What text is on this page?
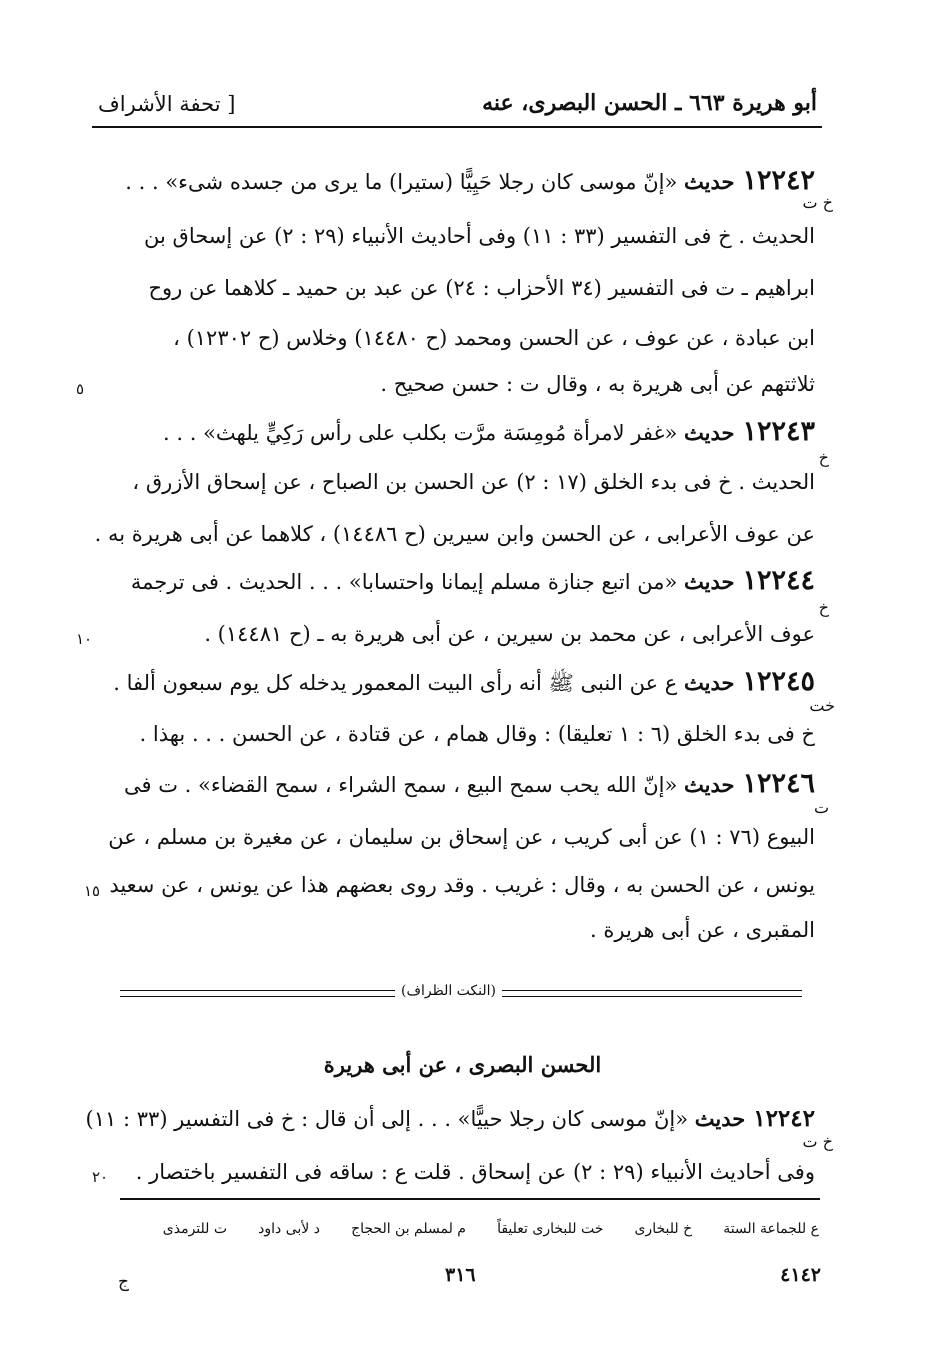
أبو هريرة ٦٦٣ ـ الحسن البصرى، عنه
[ تحفة الأشراف
١٢٢٤٢حديث «إنّ موسى كان رجلا حَيِيًّا (ستيرا) ما يرى من جسده شىء» . . .
خ ت
الحديث . خ فى التفسير (٣٣ : ١١) وفى أحاديث الأنبياء (٢٩ : ٢) عن إسحاق بن
ابراهيم ـ ت فى التفسير (٣٤ الأحزاب : ٢٤) عن عبد بن حميد ـ كلاهما عن روح
ابن عبادة ، عن عوف ، عن الحسن ومحمد (ح ١٤٤٨٠) وخلاس (ح ١٢٣٠٢) ،
ثلاثتهم عن أبى هريرة به ، وقال ت : حسن صحيح .
٥
١٢٢٤٣حديث «غفر لامرأة مُومِسَة مرَّت بكلب على رأس رَكِيٍّ يلهث» . . .
خ
الحديث . خ فى بدء الخلق (١٧ : ٢) عن الحسن بن الصباح ، عن إسحاق الأزرق ،
عن عوف الأعرابى ، عن الحسن وابن سيرين (ح ١٤٤٨٦) ، كلاهما عن أبى هريرة به .
١٢٢٤٤حديث «من اتبع جنازة مسلم إيمانا واحتسابا» . . . الحديث . فى ترجمة
خ
عوف الأعرابى ، عن محمد بن سيرين ، عن أبى هريرة به ـ (ح ١٤٤٨١) .
١٠
١٢٢٤٥حديث ع عن النبى ﷺ أنه رأى البيت المعمور يدخله كل يوم سبعون ألفا .
خت
خ فى بدء الخلق (٦ : ١ تعليقا) : وقال همام ، عن قتادة ، عن الحسن . . . بهذا .
١٢٢٤٦حديث «إنّ الله يحب سمح البيع ، سمح الشراء ، سمح القضاء» . ت فى
ت
البيوع (٧٦ : ١) عن أبى كريب ، عن إسحاق بن سليمان ، عن مغيرة بن مسلم ، عن
يونس ، عن الحسن به ، وقال : غريب . وقد روى بعضهم هذا عن يونس ، عن سعيد
١٥
المقبرى ، عن أبى هريرة .
(النكت الظراف)
الحسن البصرى ، عن أبى هريرة
١٢٢٤٢حديث «إنّ موسى كان رجلا حييًّا» . . . إلى أن قال : خ فى التفسير (٣٣ : ١١)
خ ت
وفى أحاديث الأنبياء (٢٩ : ٢) عن إسحاق . قلت ع : ساقه فى التفسير باختصار .
٢٠
ع للجماعة الستة خ للبخارى خت للبخارى تعليقاً م لمسلم بن الحجاج د لأبى داود ت للترمذى
٤١٤٢
٣١٦
ج
